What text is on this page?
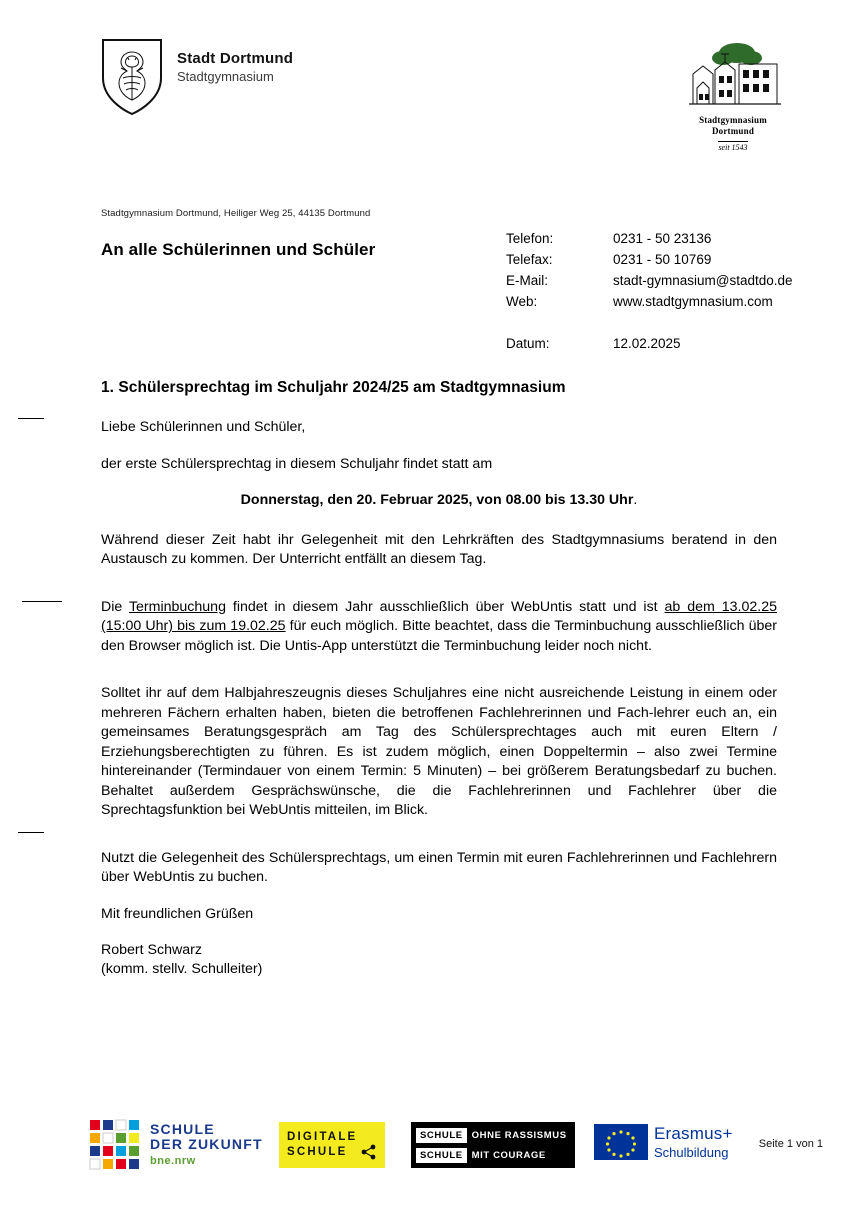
Stadt Dortmund
Stadtgymnasium
Stadtgymnasium Dortmund
seit 1543
Stadtgymnasium Dortmund, Heiliger Weg 25, 44135 Dortmund
An alle Schülerinnen und Schüler
Telefon:	0231 - 50 23136
Telefax:	0231 - 50 10769
E-Mail:	stadt-gymnasium@stadtdo.de
Web:	www.stadtgymnasium.com
Datum:	12.02.2025
1. Schülersprechtag im Schuljahr 2024/25 am Stadtgymnasium

Liebe Schülerinnen und Schüler,

der erste Schülersprechtag in diesem Schuljahr findet statt am

Donnerstag, den 20. Februar 2025, von 08.00 bis 13.30 Uhr.

Während dieser Zeit habt ihr Gelegenheit mit den Lehrkräften des Stadtgymnasiums beratend in den Austausch zu kommen. Der Unterricht entfällt an diesem Tag.

Die Terminbuchung findet in diesem Jahr ausschließlich über WebUntis statt und ist ab dem 13.02.25 (15:00 Uhr) bis zum 19.02.25 für euch möglich. Bitte beachtet, dass die Terminbuchung ausschließlich über den Browser möglich ist. Die Untis-App unterstützt die Terminbuchung leider noch nicht.

Solltet ihr auf dem Halbjahreszeugnis dieses Schuljahres eine nicht ausreichende Leistung in einem oder mehreren Fächern erhalten haben, bieten die betroffenen Fachlehrerinnen und Fach-lehrer euch an, ein gemeinsames Beratungsgespräch am Tag des Schülersprechtages auch mit euren Eltern / Erziehungsberechtigten zu führen. Es ist zudem möglich, einen Doppeltermin – also zwei Termine hintereinander (Termindauer von einem Termin: 5 Minuten) – bei größerem Beratungsbedarf zu buchen. Behaltet außerdem Gesprächswünsche, die die Fachlehrerinnen und Fachlehrer über die Sprechtagsfunktion bei WebUntis mitteilen, im Blick.

Nutzt die Gelegenheit des Schülersprechtags, um einen Termin mit euren Fachlehrerinnen und Fachlehrern über WebUntis zu buchen.

Mit freundlichen Grüßen

Robert Schwarz
(komm. stellv. Schulleiter)
SCHULE
DER ZUKUNFT
bne.nrw
DIGITALE
SCHULE
SCHULE OHNE RASSISMUS
SCHULE MIT COURAGE
Erasmus+
Schulbildung
Seite 1 von 1
